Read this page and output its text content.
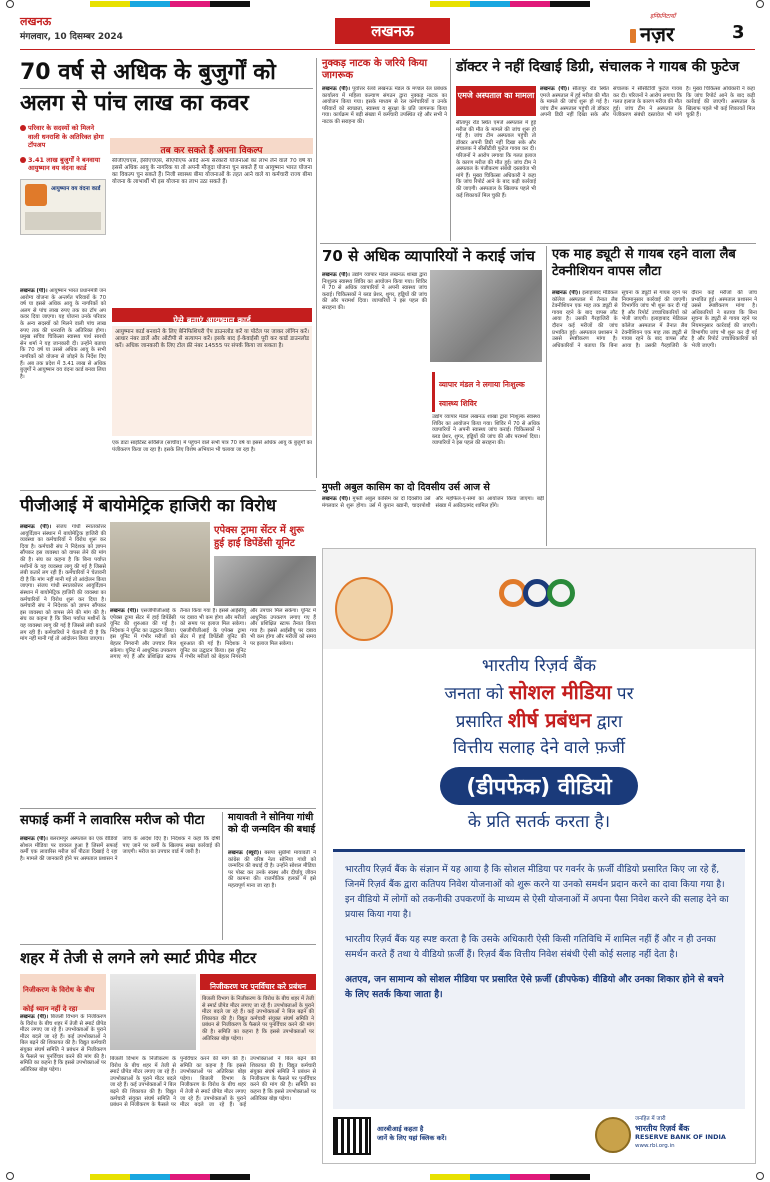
लखनऊ
मंगलवार, 10 दिसम्बर 2024	लखनऊ
इन्फ़िनिटायाँ
नज़र	3
70 वर्ष से अधिक के बुजुर्गों को
अलग से पांच लाख का कवर
परिवार के सदस्यों को मिलने वाली धनराशि के अतिरिक्त होगा टॉपअप
3.41 लाख बुजुर्गों ने बनवाया आयुष्मान वय वंदना कार्ड
आयुष्मान वय वंदना कार्ड
लखनऊ (पी)। आयुष्मान भारत प्रधानमंत्री जन आरोग्य योजना के अन्तर्गत परिवारों के 70 वर्ष या इससे अधिक आयु के नागरिकों को अलग से पांच लाख रुपए तक का टॉप अप कवर दिया जाएगा। यह योजना उनके परिवार के अन्य सदस्यों को मिलने वाली पांच लाख रुपए तक की धनराशि के अतिरिक्त होगा। प्रमुख सचिव चिकित्सा स्वास्थ्य पार्थ सारथी सेन शर्मा ने यह जानकारी दी। उन्होंने बताया कि 70 वर्ष या उससे अधिक आयु के सभी नागरिकों को योजना से जोड़ने के निर्देश दिए हैं। अब तक प्रदेश में 3.41 लाख से अधिक बुजुर्गों ने आयुष्मान वय वंदना कार्ड बनवा लिया है।
तब कर सकते हैं अपना विकल्प
सीजीएचएस, ईसीएचएस, सीएपीएफ आदि अन्य सरकारी योजनाओं का लाभ लेने वाले 70 वर्ष या इससे अधिक आयु के नागरिक या तो अपनी मौजूदा योजना चुन सकते हैं या आयुष्मान भारत योजना का विकल्प चुन सकते हैं। निजी स्वास्थ्य बीमा योजनाओं के तहत आने वाले या कर्मचारी राज्य बीमा योजना के लाभार्थी भी इस योजना का लाभ उठा सकते हैं।
ऐसे बनाएं आयुष्मान कार्ड
आयुष्मान कार्ड बनवाने के लिए बेनिफिशियरी ऐप डाउनलोड करें या पोर्टल पर जाकर लॉगिन करें। आधार नंबर डालें और ओटीपी से सत्यापन करें। इसके बाद ई-केवाईसी पूरी कर कार्ड डाउनलोड करें। अधिक जानकारी के लिए टोल फ्री नंबर 14555 पर संपर्क किया जा सकता है।
एक डाटा साइंटिस्ट सर्विसेज (साचीव) में पहुंचने वाले सभी पात्र 70 वर्ष या इससे अधिक आयु के बुजुर्गों का पंजीकरण किया जा रहा है। इसके लिए विशेष अभियान भी चलाया जा रहा है।
नुक्कड़ नाटक के जरिये किया जागरूक
लखनऊ (पी)। पूर्वोत्तर रेलवे लखनऊ मंडल के मण्डल रेल प्रबंधक कार्यालय में महिला कल्याण संगठन द्वारा नुक्कड़ नाटक का आयोजन किया गया। इसके माध्यम से रेल कर्मचारियों व उनके परिवारों को स्वच्छता, स्वास्थ्य व सुरक्षा के प्रति जागरूक किया गया। कार्यक्रम में बड़ी संख्या में कर्मचारी उपस्थित रहे और सभी ने नाटक की सराहना की।
डॉक्टर ने नहीं दिखाई डिग्री, संचालक ने गायब की फुटेज
एमजे अस्पताल का मामला
लखनऊ (पी)। सीतापुर रोड स्थित एमजे अस्पताल में हुई मरीज की मौत के मामले की जांच शुरू हो गई है। जांच टीम अस्पताल पहुंची तो डॉक्टर अपनी डिग्री नहीं दिखा सके और संचालक ने सीसीटीवी फुटेज गायब कर दी। परिजनों ने आरोप लगाया कि गलत इलाज के कारण मरीज की मौत हुई। जांच टीम ने अस्पताल के पंजीकरण संबंधी दस्तावेज भी मांगे हैं। मुख्य चिकित्सा अधिकारी ने कहा कि जांच रिपोर्ट आने के बाद कड़ी कार्रवाई की जाएगी। अस्पताल के खिलाफ पहले भी कई शिकायतें मिल चुकी हैं।
सीतापुर रोड स्थित एमजे अस्पताल में हुई मरीज की मौत के मामले की जांच शुरू हो गई है। जांच टीम अस्पताल पहुंची तो डॉक्टर अपनी डिग्री नहीं दिखा सके और संचालक ने सीसीटीवी फुटेज गायब कर दी। परिजनों ने आरोप लगाया कि गलत इलाज के कारण मरीज की मौत हुई। जांच टीम ने अस्पताल के पंजीकरण संबंधी दस्तावेज भी मांगे हैं। मुख्य चिकित्सा अधिकारी ने कहा कि जांच रिपोर्ट आने के बाद कड़ी कार्रवाई की जाएगी। अस्पताल के खिलाफ पहले भी कई शिकायतें मिल चुकी हैं।
70 से अधिक व्यापारियों ने कराई जांच
लखनऊ (पी)। उद्योग व्यापार मंडल लखनऊ शाखा द्वारा निःशुल्क स्वास्थ्य शिविर का आयोजन किया गया। शिविर में 70 से अधिक व्यापारियों ने अपनी स्वास्थ्य जांच कराई। चिकित्सकों ने ब्लड प्रेशर, शुगर, हड्डियों की जांच की और परामर्श दिया। व्यापारियों ने इस पहल की सराहना की।
व्यापार मंडल ने लगाया निःशुल्क स्वास्थ्य शिविर
उद्योग व्यापार मंडल लखनऊ शाखा द्वारा निःशुल्क स्वास्थ्य शिविर का आयोजन किया गया। शिविर में 70 से अधिक व्यापारियों ने अपनी स्वास्थ्य जांच कराई। चिकित्सकों ने ब्लड प्रेशर, शुगर, हड्डियों की जांच की और परामर्श दिया। व्यापारियों ने इस पहल की सराहना की।
मुफ्ती अबुल कासिम का दो दिवसीय उर्स आज से
लखनऊ (पी)। मुफ्ती अबुल कासिम का दो दिवसीय उर्स मंगलवार से शुरू होगा। उर्स में कुरान ख्वानी, चादरपोशी और महफिल-ए-समां का आयोजन किया जाएगा। बड़ी संख्या में अकीदतमंद शामिल होंगे।
एक माह ड्यूटी से गायब रहने वाला लैब टेक्नीशियन वापस लौटा
लखनऊ (पी)। इलाहाबाद मेडिकल कॉलेज अस्पताल में तैनात लैब टेक्नीशियन एक माह तक ड्यूटी से गायब रहने के बाद वापस लौट आया है। उसकी गैरहाजिरी के दौरान कई मरीजों की जांच प्रभावित हुई। अस्पताल प्रशासन ने उससे स्पष्टीकरण मांगा है। अधिकारियों ने बताया कि बिना सूचना के ड्यूटी से गायब रहने पर नियमानुसार कार्रवाई की जाएगी। विभागीय जांच भी शुरू कर दी गई है और रिपोर्ट उच्चाधिकारियों को भेजी जाएगी। इलाहाबाद मेडिकल कॉलेज अस्पताल में तैनात लैब टेक्नीशियन एक माह तक ड्यूटी से गायब रहने के बाद वापस लौट आया है। उसकी गैरहाजिरी के दौरान कई मरीजों की जांच प्रभावित हुई। अस्पताल प्रशासन ने उससे स्पष्टीकरण मांगा है। अधिकारियों ने बताया कि बिना सूचना के ड्यूटी से गायब रहने पर नियमानुसार कार्रवाई की जाएगी। विभागीय जांच भी शुरू कर दी गई है और रिपोर्ट उच्चाधिकारियों को भेजी जाएगी।
पीजीआई में बायोमेट्रिक हाजिरी का विरोध
लखनऊ (पी)। संजय गांधी स्नातकोत्तर आयुर्विज्ञान संस्थान में बायोमेट्रिक हाजिरी की व्यवस्था का कर्मचारियों ने विरोध शुरू कर दिया है। कर्मचारी संघ ने निदेशक को ज्ञापन सौंपकर इस व्यवस्था को वापस लेने की मांग की है। संघ का कहना है कि बिना पर्याप्त मशीनों के यह व्यवस्था लागू की गई है जिससे लंबी कतारें लग रही हैं। कर्मचारियों ने चेतावनी दी है कि मांग नहीं मानी गई तो आंदोलन किया जाएगा। संजय गांधी स्नातकोत्तर आयुर्विज्ञान संस्थान में बायोमेट्रिक हाजिरी की व्यवस्था का कर्मचारियों ने विरोध शुरू कर दिया है। कर्मचारी संघ ने निदेशक को ज्ञापन सौंपकर इस व्यवस्था को वापस लेने की मांग की है। संघ का कहना है कि बिना पर्याप्त मशीनों के यह व्यवस्था लागू की गई है जिससे लंबी कतारें लग रही हैं। कर्मचारियों ने चेतावनी दी है कि मांग नहीं मानी गई तो आंदोलन किया जाएगा।
एपेक्स ट्रामा सेंटर में शुरू हुई हाई डिपेंडेंसी यूनिट
लखनऊ (पी)। एसजीपीजीआई के एपेक्स ट्रामा सेंटर में हाई डिपेंडेंसी यूनिट की शुरुआत की गई है। निदेशक ने यूनिट का उद्घाटन किया। इस यूनिट में गंभीर मरीजों को बेहतर निगरानी और उपचार मिल सकेगा। यूनिट में आधुनिक उपकरण लगाए गए हैं और प्रशिक्षित स्टाफ तैनात किया गया है। इससे आईसीयू पर दबाव भी कम होगा और मरीजों को समय पर इलाज मिल सकेगा। एसजीपीजीआई के एपेक्स ट्रामा सेंटर में हाई डिपेंडेंसी यूनिट की शुरुआत की गई है। निदेशक ने यूनिट का उद्घाटन किया। इस यूनिट में गंभीर मरीजों को बेहतर निगरानी और उपचार मिल सकेगा। यूनिट में आधुनिक उपकरण लगाए गए हैं और प्रशिक्षित स्टाफ तैनात किया गया है। इससे आईसीयू पर दबाव भी कम होगा और मरीजों को समय पर इलाज मिल सकेगा।
सफाई कर्मी ने लावारिस मरीज को पीटा
लखनऊ (पी)। बलरामपुर अस्पताल का एक वीडियो सोशल मीडिया पर वायरल हुआ है जिसमें सफाई कर्मी एक लावारिस मरीज को पीटता दिखाई दे रहा है। मामले की जानकारी होने पर अस्पताल प्रशासन ने जांच के आदेश दिए हैं। निदेशक ने कहा कि दोषी पाए जाने पर कर्मी के खिलाफ सख्त कार्रवाई की जाएगी। मरीज का उपचार वार्ड में जारी है।
मायावती ने सोनिया गांधी को दी जन्मदिन की बधाई
लखनऊ (ब्यूरो)। बसपा सुप्रीमो मायावती ने कांग्रेस की वरिष्ठ नेता सोनिया गांधी को जन्मदिन की बधाई दी है। उन्होंने सोशल मीडिया पर पोस्ट कर उनके स्वस्थ और दीर्घायु जीवन की कामना की। राजनीतिक हलकों में इसे महत्वपूर्ण माना जा रहा है।
शहर में तेजी से लगने लगे स्मार्ट प्रीपेड मीटर
निजीकरण के विरोध के बीच कोई ध्यान नहीं दे रहा
लखनऊ (पी)। बिजली विभाग के निजीकरण के विरोध के बीच शहर में तेजी से स्मार्ट प्रीपेड मीटर लगाए जा रहे हैं। उपभोक्ताओं के पुराने मीटर बदले जा रहे हैं। कई उपभोक्ताओं ने बिल बढ़ने की शिकायत की है। विद्युत कर्मचारी संयुक्त संघर्ष समिति ने प्रबंधन से निजीकरण के फैसले पर पुनर्विचार करने की मांग की है। समिति का कहना है कि इससे उपभोक्ताओं पर अतिरिक्त बोझ पड़ेगा।
निजीकरण पर पुनर्विचार करे प्रबंधन
बिजली विभाग के निजीकरण के विरोध के बीच शहर में तेजी से स्मार्ट प्रीपेड मीटर लगाए जा रहे हैं। उपभोक्ताओं के पुराने मीटर बदले जा रहे हैं। कई उपभोक्ताओं ने बिल बढ़ने की शिकायत की है। विद्युत कर्मचारी संयुक्त संघर्ष समिति ने प्रबंधन से निजीकरण के फैसले पर पुनर्विचार करने की मांग की है। समिति का कहना है कि इससे उपभोक्ताओं पर अतिरिक्त बोझ पड़ेगा।
बिजली विभाग के निजीकरण के विरोध के बीच शहर में तेजी से स्मार्ट प्रीपेड मीटर लगाए जा रहे हैं। उपभोक्ताओं के पुराने मीटर बदले जा रहे हैं। कई उपभोक्ताओं ने बिल बढ़ने की शिकायत की है। विद्युत कर्मचारी संयुक्त संघर्ष समिति ने प्रबंधन से निजीकरण के फैसले पर पुनर्विचार करने की मांग की है। समिति का कहना है कि इससे उपभोक्ताओं पर अतिरिक्त बोझ पड़ेगा। बिजली विभाग के निजीकरण के विरोध के बीच शहर में तेजी से स्मार्ट प्रीपेड मीटर लगाए जा रहे हैं। उपभोक्ताओं के पुराने मीटर बदले जा रहे हैं। कई उपभोक्ताओं ने बिल बढ़ने की शिकायत की है। विद्युत कर्मचारी संयुक्त संघर्ष समिति ने प्रबंधन से निजीकरण के फैसले पर पुनर्विचार करने की मांग की है। समिति का कहना है कि इससे उपभोक्ताओं पर अतिरिक्त बोझ पड़ेगा।
भारतीय रिज़र्व बैंक
जनता को सोशल मीडिया पर
प्रसारित शीर्ष प्रबंधन द्वारा
वित्तीय सलाह देने वाले फ़र्जी
(डीपफेक) वीडियो
के प्रति सतर्क करता है।

भारतीय रिज़र्व बैंक के संज्ञान में यह आया है कि सोशल मीडिया पर गवर्नर के फ़र्जी वीडियो प्रसारित किए जा रहे हैं, जिनमें रिज़र्व बैंक द्वारा कतिपय निवेश योजनाओं को शुरू करने या उनको समर्थन प्रदान करने का दावा किया गया है। इन वीडियो में लोगों को तकनीकी उपकरणों के माध्यम से ऐसी योजनाओं में अपना पैसा निवेश करने की सलाह देने का प्रयास किया गया है।

भारतीय रिज़र्व बैंक यह स्पष्ट करता है कि उसके अधिकारी ऐसी किसी गतिविधि में शामिल नहीं हैं और न ही उनका समर्थन करते हैं तथा ये वीडियो फ़र्जी हैं। रिज़र्व बैंक वित्तीय निवेश संबंधी ऐसी कोई सलाह नहीं देता है।

अतएव, जन सामान्य को सोशल मीडिया पर प्रसारित ऐसे फ़र्जी (डीपफेक) वीडियो और उनका शिकार होने से बचने के लिए सतर्क किया जाता है।

आरबीआई कहता है
जानें के लिए यहां क्लिक करें।
जनहित में जारी
भारतीय रिज़र्व बैंक
RESERVE BANK OF INDIA
www.rbi.org.in
